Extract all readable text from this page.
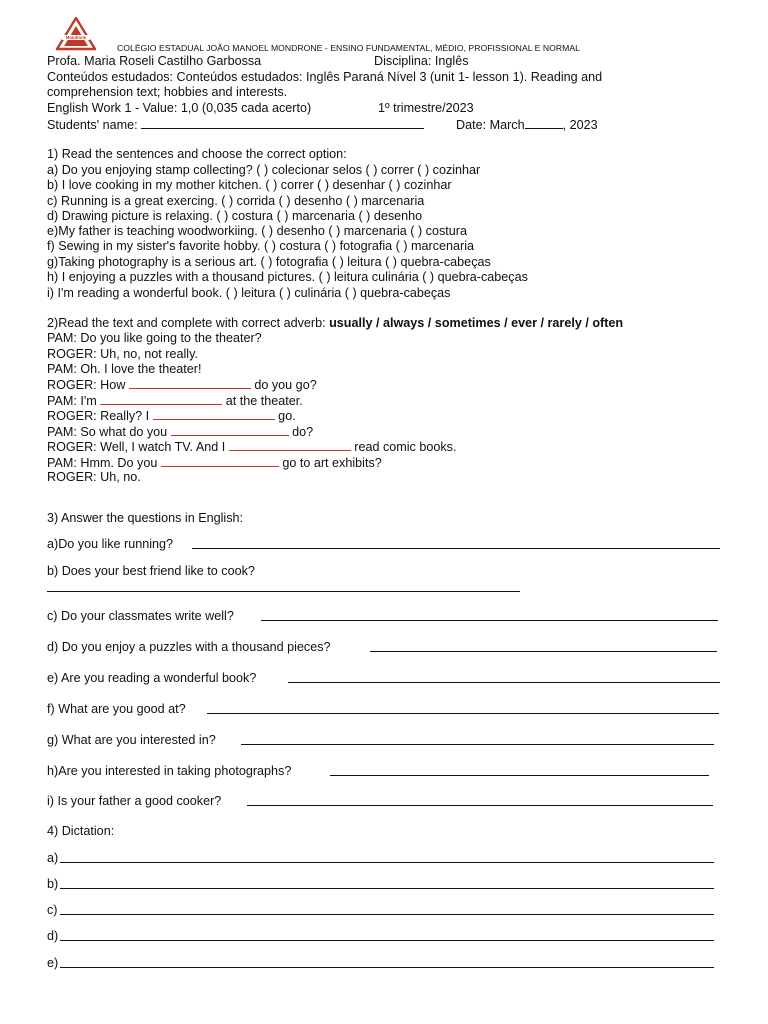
Mondrone
COLÉGIO ESTADUAL JOÃO MANOEL MONDRONE - ENSINO FUNDAMENTAL, MÉDIO, PROFISSIONAL E NORMAL
Profa. Maria Roseli Castilho Garbossa	Disciplina: Inglês
Conteúdos estudados: Conteúdos estudados: Inglês Paraná Nível 3 (unit 1- lesson 1). Reading and
comprehension text; hobbies and interests.
English Work 1 - Value: 1,0 (0,035 cada acerto)	1º trimestre/2023
Students' name:	Date: March	, 2023
1) Read the sentences and choose the correct option:
a) Do you enjoying stamp collecting? ( ) colecionar selos ( ) correr ( ) cozinhar
b) I love cooking in my mother kitchen. ( ) correr ( ) desenhar ( ) cozinhar
c) Running is a great exercing. ( ) corrida ( ) desenho ( ) marcenaria
d) Drawing picture is relaxing. ( ) costura ( ) marcenaria ( ) desenho
e)My father is teaching woodworkiing. ( ) desenho ( ) marcenaria ( ) costura
f) Sewing in my sister's favorite hobby. ( ) costura ( ) fotografia ( ) marcenaria
g)Taking photography is a serious art. ( ) fotografia ( ) leitura ( ) quebra-cabeças
h) I enjoying a puzzles with a thousand pictures. ( ) leitura culinária ( ) quebra-cabeças
i) I'm reading a wonderful book. ( ) leitura ( ) culinária ( ) quebra-cabeças
2)Read the text and complete with correct adverb: usually / always / sometimes / ever / rarely / often
PAM: Do you like going to the theater?
ROGER: Uh, no, not really.
PAM: Oh. I love the theater!
ROGER: How	do you go?
PAM: I'm	at the theater.
ROGER: Really? I	go.
PAM: So what do you	do?
ROGER: Well, I watch TV. And I	read comic books.
PAM: Hmm. Do you	go to art exhibits?
ROGER: Uh, no.
3) Answer the questions in English:
a)Do you like running?
b) Does your best friend like to cook?
c) Do your classmates write well?
d) Do you enjoy a puzzles with a thousand pieces?
e) Are you reading a wonderful book?
f) What are you good at?
g) What are you interested in?
h)Are you interested in taking photographs?
i) Is your father a good cooker?
4) Dictation:
a)
b)
c)
d)
e)
